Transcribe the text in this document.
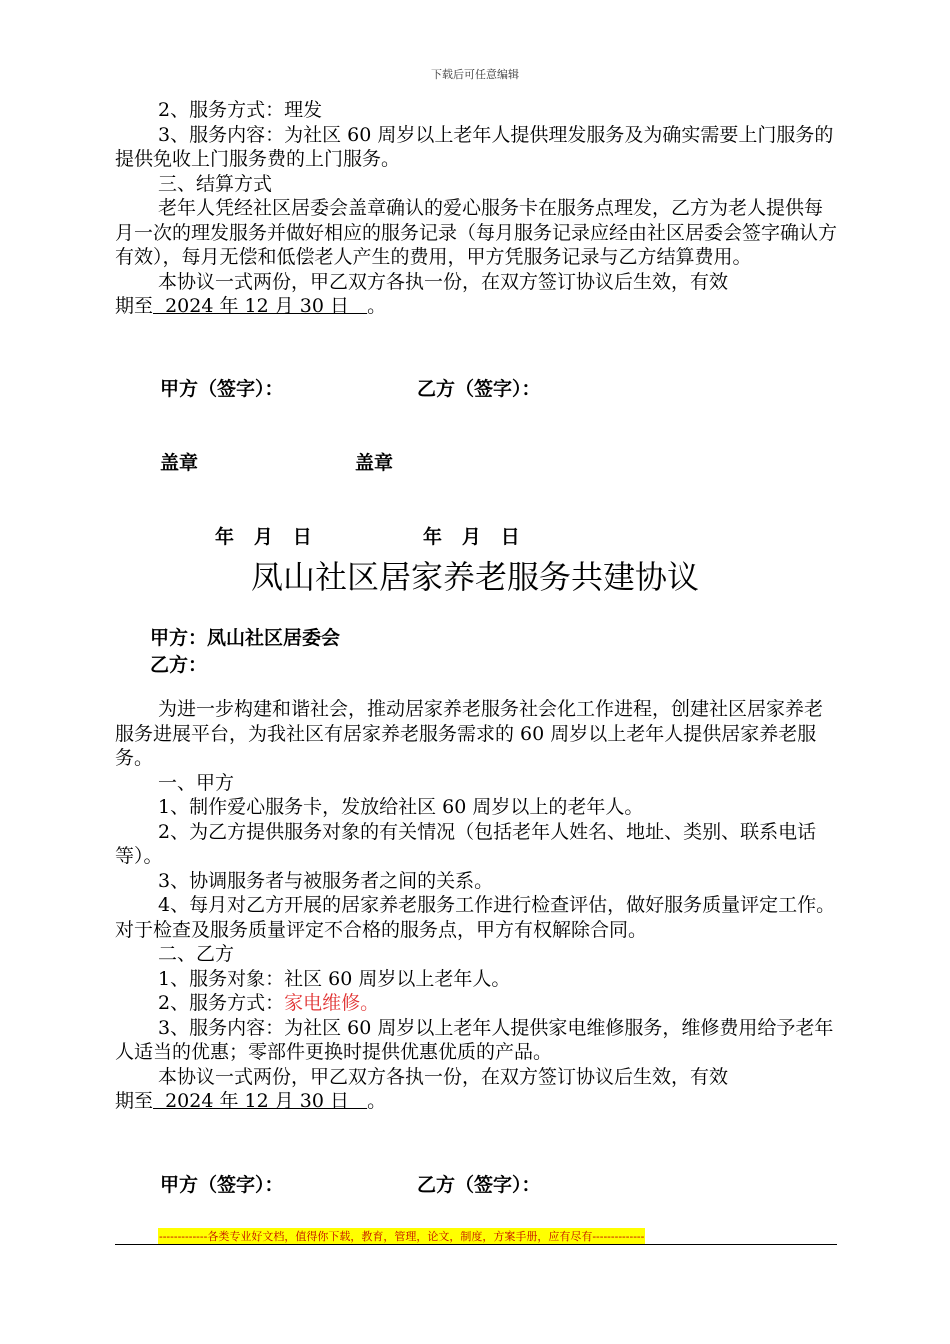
下载后可任意编辑

2、服务方式：理发

3、服务内容：为社区 60 周岁以上老年人提供理发服务及为确实需要上门服务的提供免收上门服务费的上门服务。

三、结算方式

老年人凭经社区居委会盖章确认的爱心服务卡在服务点理发，乙方为老人提供每月一次的理发服务并做好相应的服务记录（每月服务记录应经由社区居委会签字确认方有效），每月无偿和低偿老人产生的费用，甲方凭服务记录与乙方结算费用。

本协议一式两份，甲乙双方各执一份，在双方签订协议后生效，有效

期至  2024 年 12 月 30 日   。

甲方（签字）：	乙方（签字）：
盖章	盖章
年   月   日	年   月   日
凤山社区居家养老服务共建协议
甲方：凤山社区居委会
乙方：

为进一步构建和谐社会，推动居家养老服务社会化工作进程，创建社区居家养老服务进展平台，为我社区有居家养老服务需求的 60 周岁以上老年人提供居家养老服务。

一、甲方

1、制作爱心服务卡，发放给社区 60 周岁以上的老年人。

2、为乙方提供服务对象的有关情况（包括老年人姓名、地址、类别、联系电话等）。

3、协调服务者与被服务者之间的关系。

4、每月对乙方开展的居家养老服务工作进行检查评估，做好服务质量评定工作。对于检查及服务质量评定不合格的服务点，甲方有权解除合同。

二、乙方

1、服务对象：社区 60 周岁以上老年人。

2、服务方式：家电维修。

3、服务内容：为社区 60 周岁以上老年人提供家电维修服务，维修费用给予老年人适当的优惠；零部件更换时提供优惠优质的产品。

本协议一式两份，甲乙双方各执一份，在双方签订协议后生效，有效

期至  2024 年 12 月 30 日   。

甲方（签字）：	乙方（签字）：
-------------各类专业好文档，值得你下载，教育，管理，论文，制度，方案手册，应有尽有--------------
